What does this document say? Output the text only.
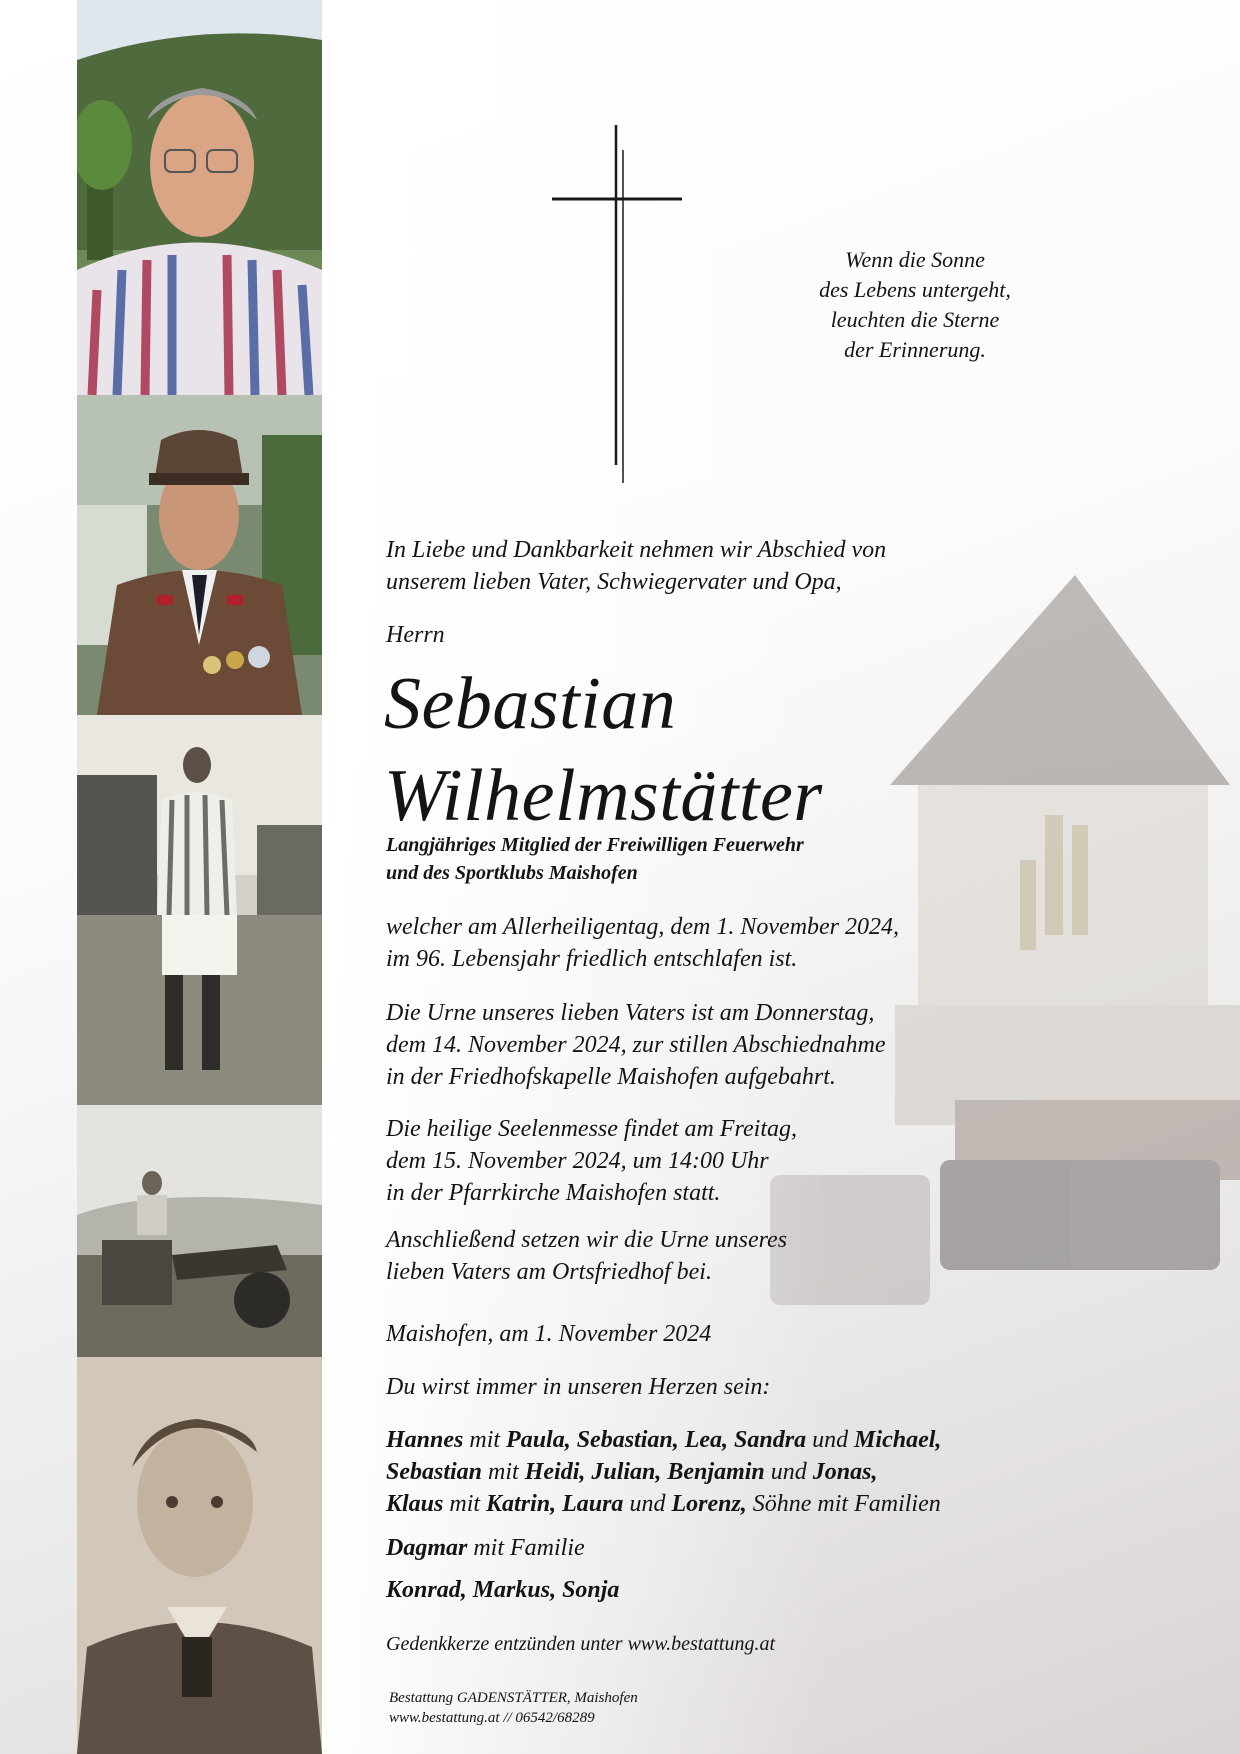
Wenn die Sonne
des Lebens untergeht,
leuchten die Sterne
der Erinnerung.
In Liebe und Dankbarkeit nehmen wir Abschied von
unserem lieben Vater, Schwiegervater und Opa,
Herrn
Sebastian
Wilhelmstätter
Langjähriges Mitglied der Freiwilligen Feuerwehr
und des Sportklubs Maishofen
welcher am Allerheiligentag, dem 1. November 2024,
im 96. Lebensjahr friedlich entschlafen ist.
Die Urne unseres lieben Vaters ist am Donnerstag,
dem 14. November 2024, zur stillen Abschiednahme
in der Friedhofskapelle Maishofen aufgebahrt.
Die heilige Seelenmesse findet am Freitag,
dem 15. November 2024, um 14:00 Uhr
in der Pfarrkirche Maishofen statt.
Anschließend setzen wir die Urne unseres
lieben Vaters am Ortsfriedhof bei.
Maishofen, am 1. November 2024
Du wirst immer in unseren Herzen sein:
Hannes mit Paula, Sebastian, Lea, Sandra und Michael,
Sebastian mit Heidi, Julian, Benjamin und Jonas,
Klaus mit Katrin, Laura und Lorenz, Söhne mit Familien
Dagmar mit Familie
Konrad, Markus, Sonja
Gedenkkerze entzünden unter www.bestattung.at
Bestattung GADENSTÄTTER, Maishofen
www.bestattung.at // 06542/68289
